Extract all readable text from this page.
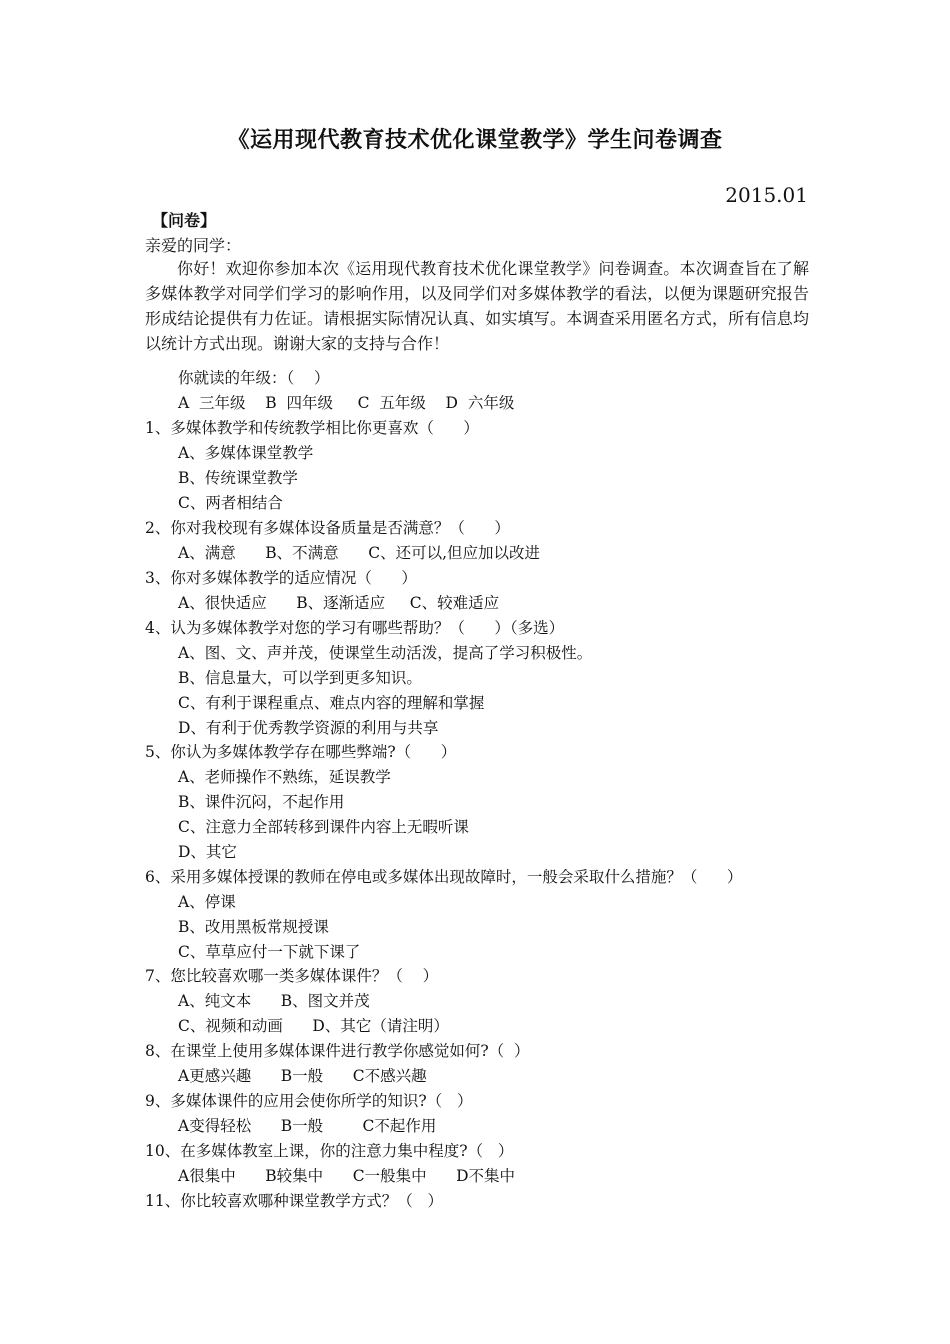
《运用现代教育技术优化课堂教学》学生问卷调查
2015.01
【问卷】
亲爱的同学：

你好！欢迎你参加本次《运用现代教育技术优化课堂教学》问卷调查。本次调查旨在了解多媒体教学对同学们学习的影响作用，以及同学们对多媒体教学的看法，以便为课题研究报告形成结论提供有力佐证。请根据实际情况认真、如实填写。本调查采用匿名方式，所有信息均以统计方式出现。谢谢大家的支持与合作！

你就读的年级：（    ）
A  三年级    B  四年级     C  五年级    D  六年级
1、多媒体教学和传统教学相比你更喜欢（      ）
A、多媒体课堂教学
B、传统课堂教学
C、两者相结合
2、你对我校现有多媒体设备质量是否满意？（      ）
A、满意      B、不满意      C、还可以,但应加以改进
3、你对多媒体教学的适应情况（      ）
A、很快适应      B、逐渐适应     C、较难适应
4、认为多媒体教学对您的学习有哪些帮助？（      ）（多选）
A、图、文、声并茂，使课堂生动活泼，提高了学习积极性。
B、信息量大，可以学到更多知识。
C、有利于课程重点、难点内容的理解和掌握
D、有利于优秀教学资源的利用与共享
5、你认为多媒体教学存在哪些弊端?（      ）
A、老师操作不熟练，延误教学
B、课件沉闷，不起作用
C、注意力全部转移到课件内容上无暇听课
D、其它
6、采用多媒体授课的教师在停电或多媒体出现故障时，一般会采取什么措施？（      ）
A、停课
B、改用黑板常规授课
C、草草应付一下就下课了
7、您比较喜欢哪一类多媒体课件？（    ）
A、纯文本      B、图文并茂
C、视频和动画      D、其它（请注明）
8、在课堂上使用多媒体课件进行教学你感觉如何?（  ）
A更感兴趣      B一般      C不感兴趣
9、多媒体课件的应用会使你所学的知识?（   ）
A变得轻松      B一般        C不起作用
10、在多媒体教室上课，你的注意力集中程度?（   ）
A很集中      B较集中      C一般集中      D不集中
11、你比较喜欢哪种课堂教学方式？（   ）
